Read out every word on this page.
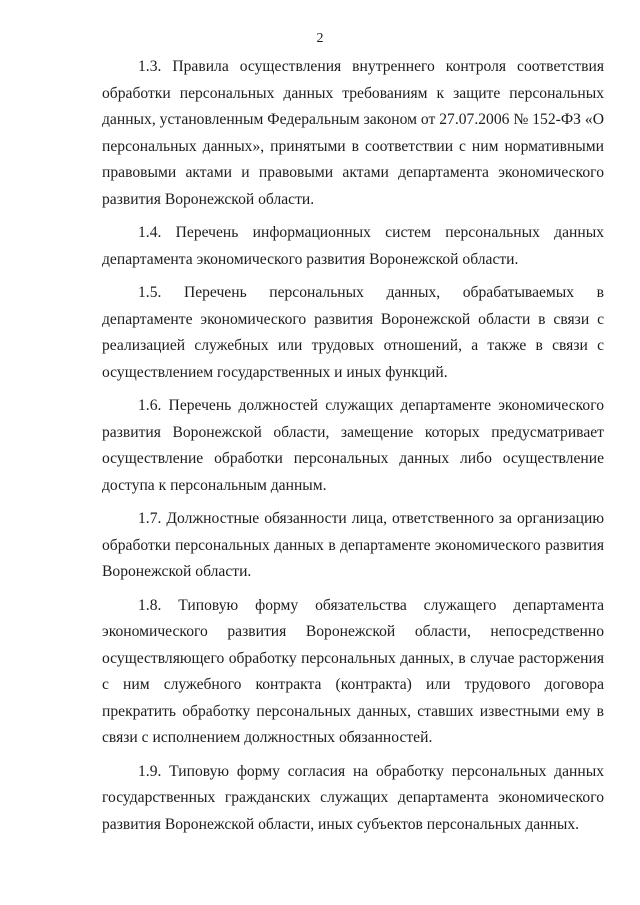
2

1.3. Правила осуществления внутреннего контроля соответствия обработки персональных данных требованиям к защите персональных данных, установленным Федеральным законом от 27.07.2006 № 152-ФЗ «О персональных данных», принятыми в соответствии с ним нормативными правовыми актами и правовыми актами департамента экономического развития Воронежской области.

1.4. Перечень информационных систем персональных данных департамента экономического развития Воронежской области.

1.5. Перечень персональных данных, обрабатываемых в департаменте экономического развития Воронежской области в связи с реализацией служебных или трудовых отношений, а также в связи с осуществлением государственных и иных функций.

1.6. Перечень должностей служащих департаменте экономического развития Воронежской области, замещение которых предусматривает осуществление обработки персональных данных либо осуществление доступа к персональным данным.

1.7. Должностные обязанности лица, ответственного за организацию обработки персональных данных в департаменте экономического развития Воронежской области.

1.8. Типовую форму обязательства служащего департамента экономического развития Воронежской области, непосредственно осуществляющего обработку персональных данных, в случае расторжения с ним служебного контракта (контракта) или трудового договора прекратить обработку персональных данных, ставших известными ему в связи с исполнением должностных обязанностей.

1.9. Типовую форму согласия на обработку персональных данных государственных гражданских служащих департамента экономического развития Воронежской области, иных субъектов персональных данных.
